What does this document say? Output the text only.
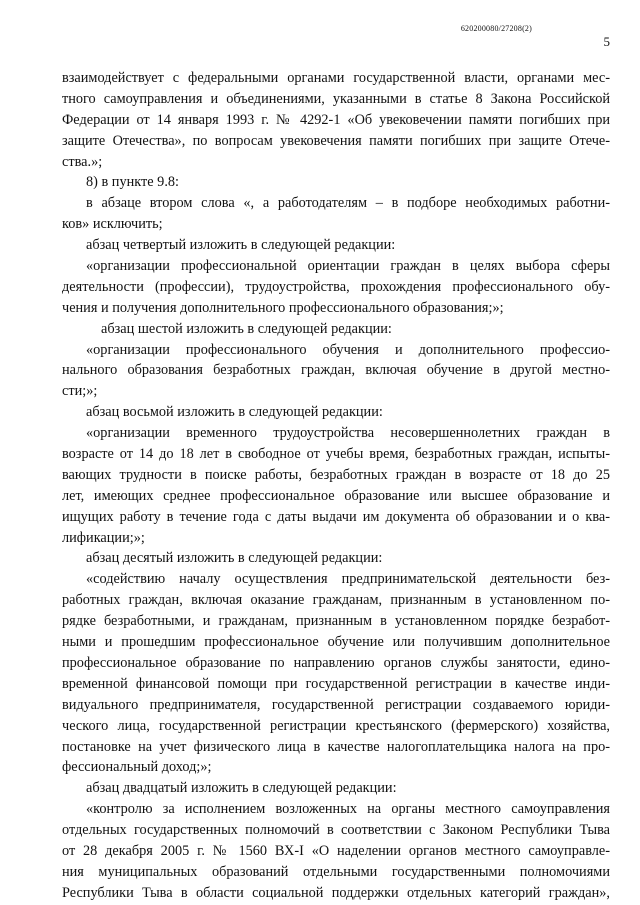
620200080/27208(2)
5
взаимодействует с федеральными органами государственной власти, органами мес-
тного самоуправления и объединениями, указанными в статье 8 Закона Российской
Федерации от 14 января 1993 г. № 4292-1 «Об увековечении памяти погибших при
защите Отечества», по вопросам увековечения памяти погибших при защите Отече-
ства.»;
8) в пункте 9.8:
в абзаце втором слова «, а работодателям – в подборе необходимых работни-
ков» исключить;
абзац четвертый изложить в следующей редакции:
«организации профессиональной ориентации граждан в целях выбора сферы
деятельности (профессии), трудоустройства, прохождения профессионального обу-
чения и получения дополнительного профессионального образования;»;
абзац шестой изложить в следующей редакции:
«организации профессионального обучения и дополнительного профессио-
нального образования безработных граждан, включая обучение в другой местно-
сти;»;
абзац восьмой изложить в следующей редакции:
«организации временного трудоустройства несовершеннолетних граждан в
возрасте от 14 до 18 лет в свободное от учебы время, безработных граждан, испыты-
вающих трудности в поиске работы, безработных граждан в возрасте от 18 до 25
лет, имеющих среднее профессиональное образование или высшее образование и
ищущих работу в течение года с даты выдачи им документа об образовании и о ква-
лификации;»;
абзац десятый изложить в следующей редакции:
«содействию началу осуществления предпринимательской деятельности без-
работных граждан, включая оказание гражданам, признанным в установленном по-
рядке безработными, и гражданам, признанным в установленном порядке безработ-
ными и прошедшим профессиональное обучение или получившим дополнительное
профессиональное образование по направлению органов службы занятости, едино-
временной финансовой помощи при государственной регистрации в качестве инди-
видуального предпринимателя, государственной регистрации создаваемого юриди-
ческого лица, государственной регистрации крестьянского (фермерского) хозяйства,
постановке на учет физического лица в качестве налогоплательщика налога на про-
фессиональный доход;»;
абзац двадцатый изложить в следующей редакции:
«контролю за исполнением возложенных на органы местного самоуправления
отдельных государственных полномочий в соответствии с Законом Республики Тыва
от 28 декабря 2005 г. № 1560 ВХ-I «О наделении органов местного самоуправле-
ния муниципальных образований отдельными государственными полномочиями
Республики Тыва в области социальной поддержки отдельных категорий граждан»,
